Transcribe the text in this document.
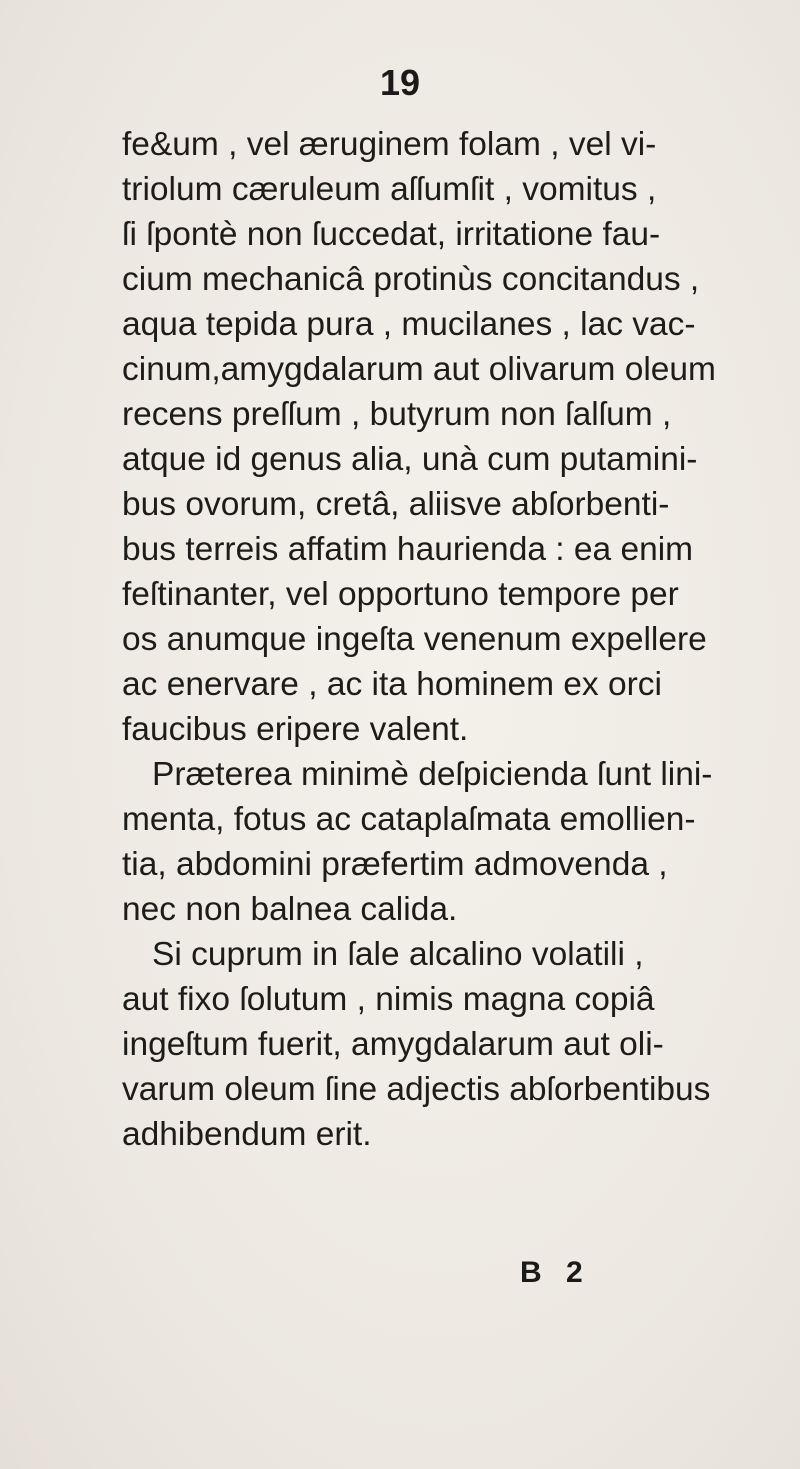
19
fe&um , vel æruginem folam , vel vi-
triolum cæruleum aſſumſit , vomitus ,
ſi ſpontè non ſuccedat, irritatione fau-
cium mechanicâ protinùs concitandus ,
aqua tepida pura , mucilanes , lac vac-
cinum,amygdalarum aut olivarum oleum
recens preſſum , butyrum non ſalſum ,
atque id genus alia, unà cum putamini-
bus ovorum, cretâ, aliisve abſorbenti-
bus terreis affatim haurienda : ea enim
feſtinanter, vel opportuno tempore per
os anumque ingeſta venenum expellere
ac enervare , ac ita hominem ex orci
faucibus eripere valent.
Præterea minimè deſpicienda ſunt lini-
menta, fotus ac cataplaſmata emollien-
tia, abdomini præfertim admovenda ,
nec non balnea calida.
Si cuprum in ſale alcalino volatili ,
aut fixo ſolutum , nimis magna copiâ
ingeſtum fuerit, amygdalarum aut oli-
varum oleum ſine adjectis abſorbentibus
adhibendum erit.
B 2
